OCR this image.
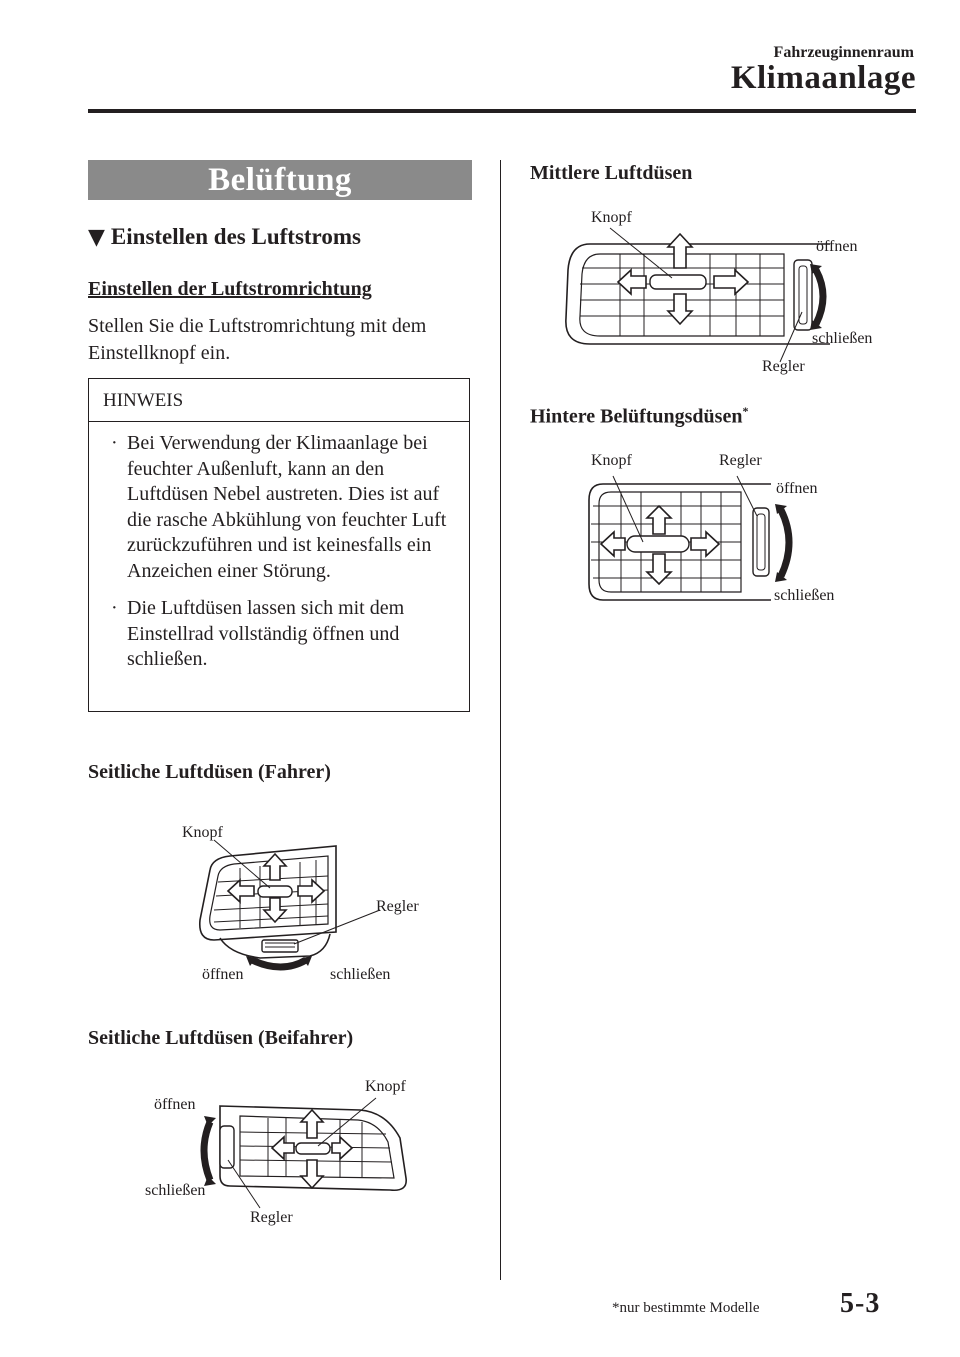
Fahrzeuginnenraum
Klimaanlage
Belüftung
▼ Einstellen des Luftstroms
Einstellen der Luftstromrichtung
Stellen Sie die Luftstromrichtung mit dem Einstellknopf ein.
HINWEIS
· Bei Verwendung der Klimaanlage bei feuchter Außenluft, kann an den Luftdüsen Nebel austreten. Dies ist auf die rasche Abkühlung von feuchter Luft zurückzuführen und ist keinesfalls ein Anzeichen einer Störung.
· Die Luftdüsen lassen sich mit dem Einstellrad vollständig öffnen und schließen.
Seitliche Luftdüsen (Fahrer)
Knopf
Regler
öffnen	schließen
Seitliche Luftdüsen (Beifahrer)
Knopf
öffnen
schließen
Regler
Mittlere Luftdüsen
Knopf
öffnen
schließen
Regler
Hintere Belüftungsdüsen*
Knopf	Regler
öffnen
schließen
*nur bestimmte Modelle	5-3
